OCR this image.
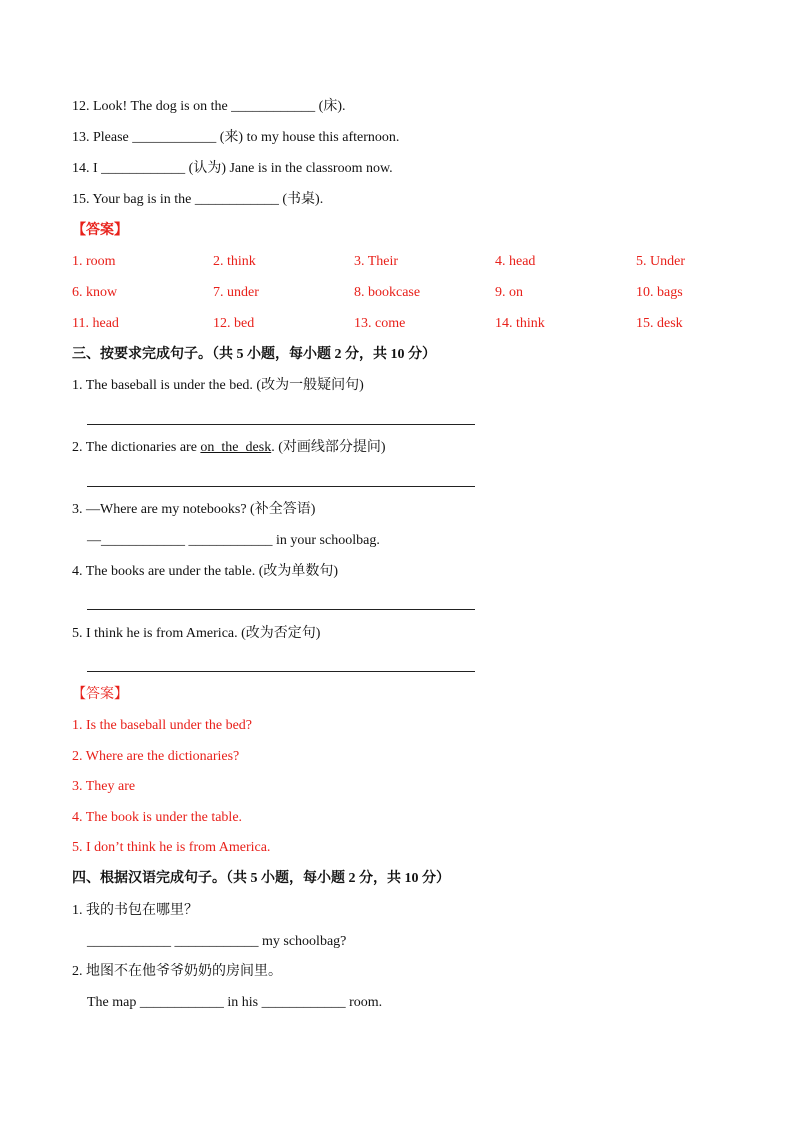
12. Look! The dog is on the ____________ (床).
13. Please ____________ (来) to my house this afternoon.
14. I ____________ (认为) Jane is in the classroom now.
15. Your bag is in the ____________ (书桌).
【答案】
1. room	2. think	3. Their	4. head	5. Under
6. know	7. under	8. bookcase	9. on	10. bags
11. head	12. bed	13. come	14. think	15. desk
三、按要求完成句子。（共 5 小题，每小题 2 分，共 10 分）
1. The baseball is under the bed. (改为一般疑问句)
2. The dictionaries are on  the  desk. (对画线部分提问)
3. —Where are my notebooks? (补全答语)
—____________ ____________ in your schoolbag.
4. The books are under the table. (改为单数句)
5. I think he is from America. (改为否定句)
【答案】
1. Is the baseball under the bed?
2. Where are the dictionaries?
3. They are
4. The book is under the table.
5. I don’t think he is from America.
四、根据汉语完成句子。（共 5 小题，每小题 2 分，共 10 分）
1. 我的书包在哪里？
____________ ____________ my schoolbag?
2. 地图不在他爷爷奶奶的房间里。
The map ____________ in his ____________ room.
